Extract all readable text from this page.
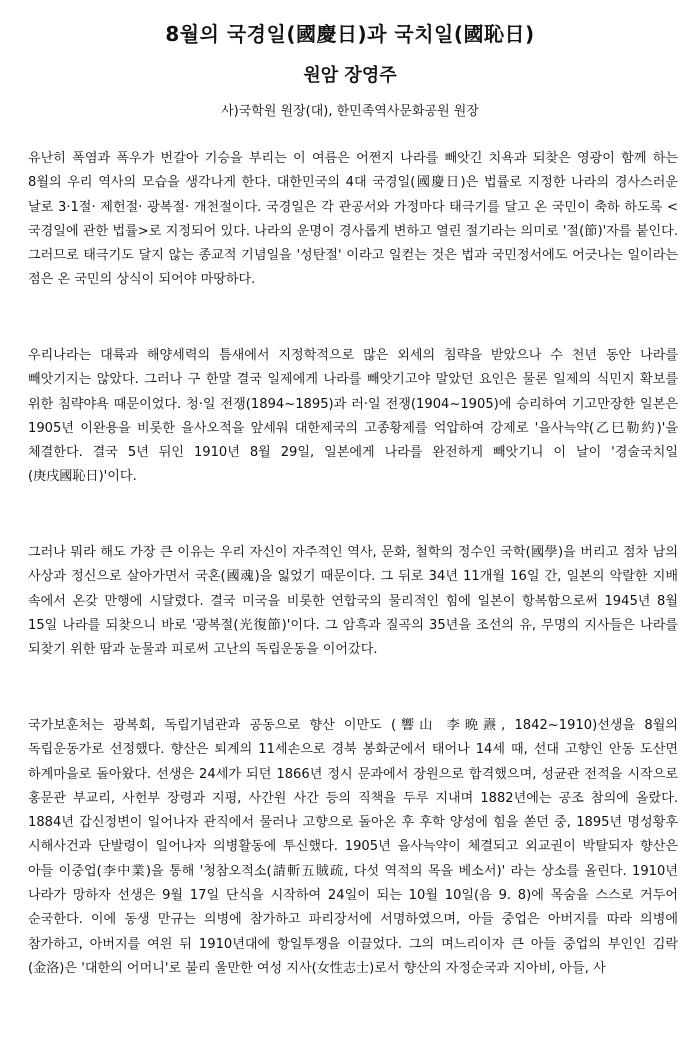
8월의 국경일(國慶日)과 국치일(國恥日)
원암 장영주
사)국학원 원장(대), 한민족역사문화공원 원장

유난히 폭염과 폭우가 번갈아 기승을 부리는 이 여름은 어쩐지 나라를 빼앗긴 치욕과 되찾은 영광이 함께 하는 8월의 우리 역사의 모습을 생각나게 한다. 대한민국의 4대 국경일(國慶日)은 법률로 지정한 나라의 경사스러운 날로 3·1절· 제헌절· 광복절· 개천절이다. 국경일은 각 관공서와 가정마다 태극기를 달고 온 국민이 축하 하도록 <국경일에 관한 법률>로 지정되어 있다. 나라의 운명이 경사롭게 변하고 열린 절기라는 의미로 '절(節)'자를 붙인다. 그러므로 태극기도 달지 않는 종교적 기념일을 '성탄절' 이라고 일컫는 것은 법과 국민정서에도 어긋나는 일이라는 점은 온 국민의 상식이 되어야 마땅하다.

우리나라는 대륙과 해양세력의 틈새에서 지정학적으로 많은 외세의 침략을 받았으나 수 천년 동안 나라를 빼앗기지는 않았다. 그러나 구 한말 결국 일제에게 나라를 빼앗기고야 말았던 요인은 물론 일제의 식민지 확보를 위한 침략야욕 때문이었다. 청·일 전쟁(1894~1895)과 러·일 전쟁(1904~1905)에 승리하여 기고만장한 일본은 1905년 이완용을 비롯한 을사오적을 앞세워 대한제국의 고종황제를 억압하여 강제로 '을사늑약(乙巳勒約)'을 체결한다. 결국 5년 뒤인 1910년 8월 29일, 일본에게 나라를 완전하게 빼앗기니 이 날이 '경술국치일(庚戌國恥日)'이다.

그러나 뭐라 해도 가장 큰 이유는 우리 자신이 자주적인 역사, 문화, 철학의 정수인 국학(國學)을 버리고 점차 남의 사상과 정신으로 살아가면서 국혼(國魂)을 잃었기 때문이다. 그 뒤로 34년 11개월 16일 간, 일본의 악랄한 지배 속에서 온갖 만행에 시달렸다. 결국 미국을 비롯한 연합국의 물리적인 힘에 일본이 항복함으로써 1945년 8월 15일 나라를 되찾으니 바로 '광복절(光復節)'이다. 그 암흑과 질곡의 35년을 조선의 유, 무명의 지사들은 나라를 되찾기 위한 땀과 눈물과 피로써 고난의 독립운동을 이어갔다.

국가보훈처는 광복회, 독립기념관과 공동으로 향산 이만도 (響山 李晩燾, 1842~1910)선생을 8월의 독립운동가로 선정했다. 향산은 퇴계의 11세손으로 경북 봉화군에서 태어나 14세 때, 선대 고향인 안동 도산면 하계마을로 돌아왔다. 선생은 24세가 되던 1866년 정시 문과에서 장원으로 합격했으며, 성균관 전적을 시작으로 홍문관 부교리, 사헌부 장령과 지평, 사간원 사간 등의 직책을 두루 지내며 1882년에는 공조 참의에 올랐다. 1884년 갑신정변이 일어나자 관직에서 물러나 고향으로 돌아온 후 후학 양성에 힘을 쏟던 중, 1895년 명성황후 시해사건과 단발령이 일어나자 의병활동에 투신했다. 1905년 을사늑약이 체결되고 외교권이 박탈되자 향산은 아들 이중업(李中業)을 통해 '청참오적소(請斬五賊疏, 다섯 역적의 목을 베소서)' 라는 상소를 올린다. 1910년 나라가 망하자 선생은 9월 17일 단식을 시작하여 24일이 되는 10월 10일(음 9. 8)에 목숨을 스스로 거두어 순국한다. 이에 동생 만규는 의병에 참가하고 파리장서에 서명하였으며, 아들 중업은 아버지를 따라 의병에 참가하고, 아버지를 여읜 뒤 1910년대에 항일투쟁을 이끌었다. 그의 며느리이자 큰 아들 중업의 부인인 김락(金洛)은 '대한의 어머니'로 불리 울만한 여성 지사(女性志士)로서 향산의 자정순국과 지아비, 아들, 사
